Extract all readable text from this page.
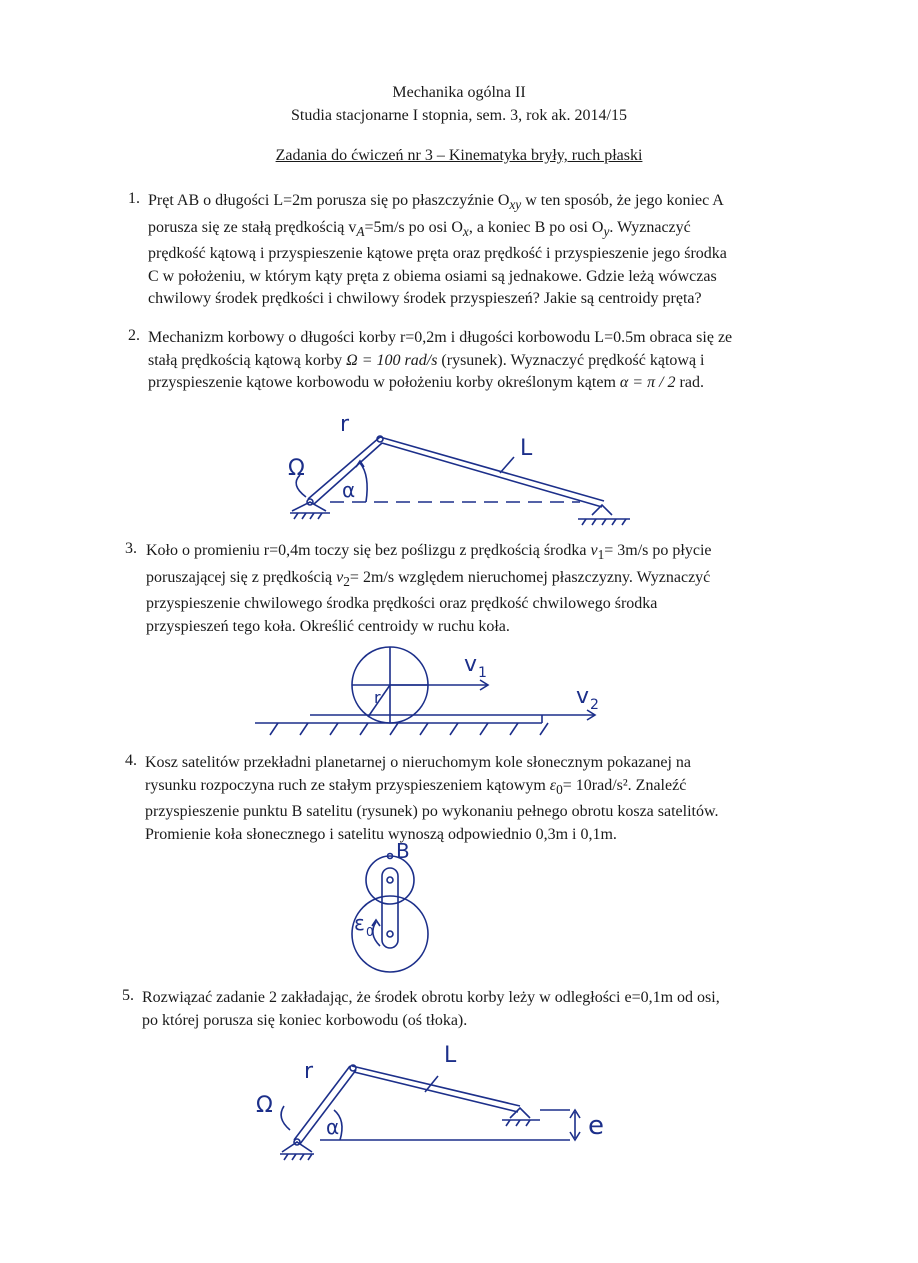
Mechanika ogólna II
Studia stacjonarne I stopnia, sem. 3, rok ak. 2014/15
Zadania do ćwiczeń nr 3 – Kinematyka bryły, ruch płaski
1. Pręt AB o długości L=2m porusza się po płaszczyźnie $O_{xy}$ w ten sposób, że jego koniec A
porusza się ze stałą prędkością $v_A=5m/s$ po osi $O_x$, a koniec B po osi $O_y$. Wyznaczyć
prędkość kątową i przyspieszenie kątowe pręta oraz prędkość i przyspieszenie jego środka
C w położeniu, w którym kąty pręta z obiema osiami są jednakowe. Gdzie leżą wówczas
chwilowy środek prędkości i chwilowy środek przyspieszeń? Jakie są centroidy pręta?
2. Mechanizm korbowy o długości korby r=0,2m i długości korbowodu L=0.5m obraca się ze
stałą prędkością kątową korby Ω = 100 rad/s (rysunek). Wyznaczyć prędkość kątową i
przyspieszenie kątowe korbowodu w położeniu korby określonym kątem α = π / 2 rad.
r
L
Ω
α
3. Koło o promieniu r=0,4m toczy się bez poślizgu z prędkością środka $v_1= 3m/s$ po płycie
poruszającej się z prędkością $v_2= 2m/s$ względem nieruchomej płaszczyzny. Wyznaczyć
przyspieszenie chwilowego środka prędkości oraz prędkość chwilowego środka
przyspieszeń tego koła. Określić centroidy w ruchu koła.
r
v 1
v 2
4. Kosz satelitów przekładni planetarnej o nieruchomym kole słonecznym pokazanej na
rysunku rozpoczyna ruch ze stałym przyspieszeniem kątowym $\varepsilon_0= 10rad/s^2$. Znaleźć
przyspieszenie punktu B satelitu (rysunek) po wykonaniu pełnego obrotu kosza satelitów.
Promienie koła słonecznego i satelitu wynoszą odpowiednio 0,3m i 0,1m.
B
ε 0
5. Rozwiązać zadanie 2 zakładając, że środek obrotu korby leży w odległości e=0,1m od osi,
po której porusza się koniec korbowodu (oś tłoka).
r
L
Ω
α	e
